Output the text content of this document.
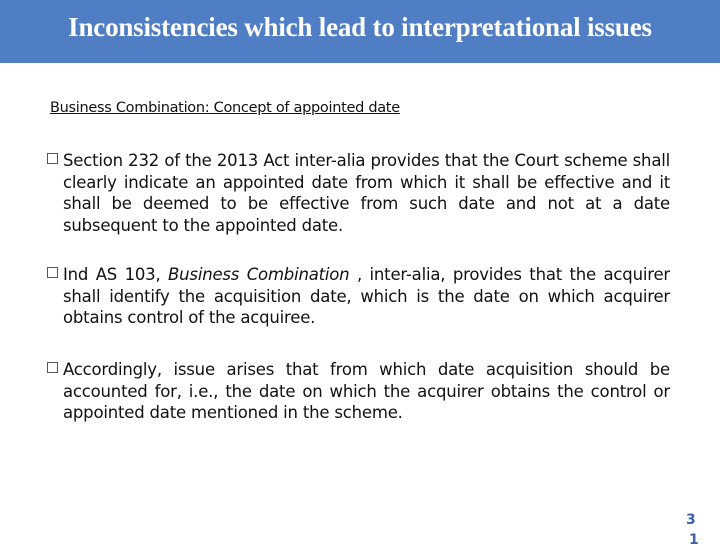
Inconsistencies which lead to interpretational issues
Business Combination: Concept of appointed date
Section 232 of the 2013 Act inter-alia provides that the Court scheme shall clearly indicate an appointed date from which it shall be effective and it shall be deemed to be effective from such date and not at a date subsequent to the appointed date.
Ind AS 103, Business Combination , inter-alia, provides that the acquirer shall identify the acquisition date, which is the date on which acquirer obtains control of the acquiree.
Accordingly, issue arises that from which date acquisition should be accounted for, i.e., the date on which the acquirer obtains the control or appointed date mentioned in the scheme.
3
1
